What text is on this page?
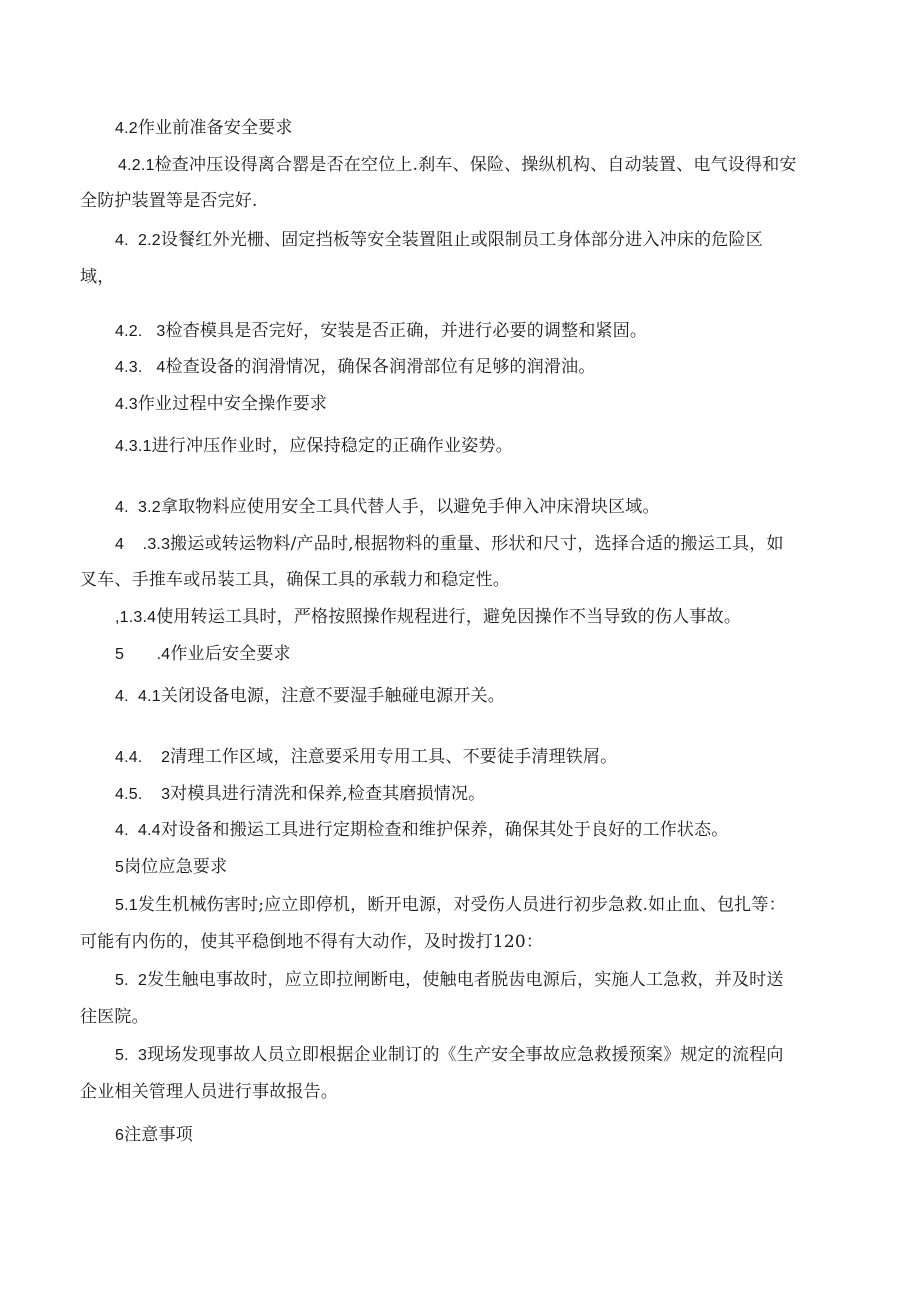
4.2作业前准备安全要求
4.2.1检查冲压设得离合罂是否在空位上.刹车、保险、操纵机构、自动装置、电气设得和安
全防护装置等是否完好.
4.  2.2设餐红外光栅、固定挡板等安全装置阻止或限制员工身体部分进入冲床的危险区
域，
4.2.   3检杳模具是否完好，安装是否正确，并进行必要的调整和紧固。
4.3.   4检查设备的润滑情况，确保各润滑部位有足够的润滑油。
4.3作业过程中安全操作要求
4.3.1进行冲压作业时，应保持稳定的正确作业姿势。
4.  3.2拿取物料应使用安全工具代替人手，以避免手伸入冲床滑块区域。
4    .3.3搬运或转运物料/产品时,根据物料的重量、形状和尺寸，选择合适的搬运工具，如
叉车、手推车或吊装工具，确保工具的承载力和稳定性。
,1.3.4使用转运工具时，严格按照操作规程进行，避免因操作不当导致的伤人事故。
5       .4作业后安全要求
4.  4.1关闭设备电源，注意不要湿手触碰电源开关。
4.4.    2清理工作区域，注意要采用专用工具、不要徒手清理铁屑。
4.5.    3对模具进行清洗和保养,检查其磨损情况。
4.  4.4对设备和搬运工具进行定期检查和维护保养，确保其处于良好的工作状态。
5岗位应急要求
5.1发生机械伤害时;应立即停机，断开电源，对受伤人员进行初步急救.如止血、包扎等：
可能有内伤的，使其平稳倒地不得有大动作，及时拨打120：
5.  2发生触电事故时，应立即拉闸断电，使触电者脱齿电源后，实施人工急救，并及时送
往医院。
5.  3现场发现事故人员立即根据企业制订的《生产安全事故应急救援预案》规定的流程向
企业相关管理人员进行事故报告。
6注意事项
